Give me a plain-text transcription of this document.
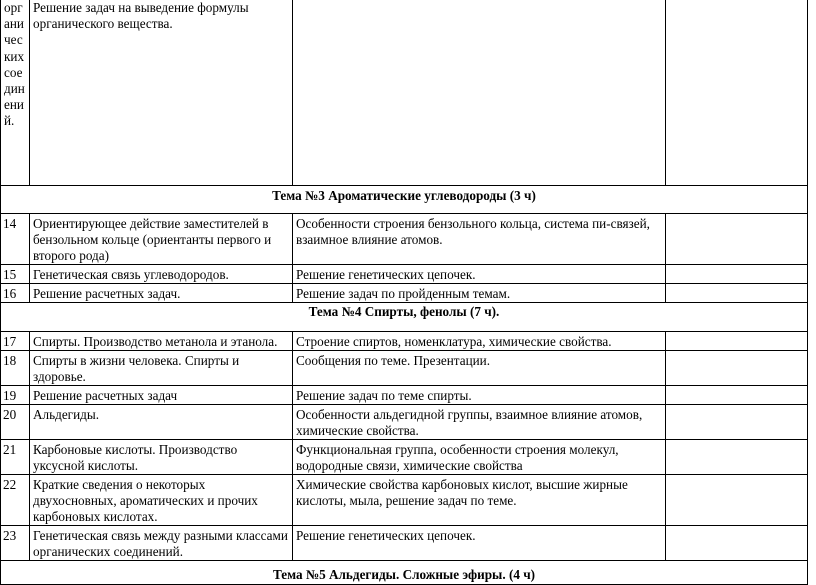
органических соединений.	Решение задач на выведение формулы органического вещества.		
Тема №3 Ароматические углеводороды (3 ч)			
14	Ориентирующее действие заместителей в бензольном кольце (ориентанты первого и второго рода)	Особенности строения бензольного кольца, система пи-связей, взаимное влияние атомов.	
15	Генетическая связь углеводородов.	Решение генетических цепочек.	
16	Решение расчетных задач.	Решение задач по пройденным темам.	
Тема №4 Спирты, фенолы (7 ч).			
17	Спирты. Производство метанола и этанола.	Строение спиртов, номенклатура, химические свойства.	
18	Спирты в жизни человека. Спирты и здоровье.	Сообщения по теме. Презентации.	
19	Решение расчетных задач	Решение задач по теме спирты.	
20	Альдегиды.	Особенности альдегидной группы, взаимное влияние атомов, химические свойства.	
21	Карбоновые кислоты. Производство уксусной кислоты.	Функциональная группа, особенности строения молекул, водородные связи, химические свойства	
22	Краткие сведения о некоторых двухосновных, ароматических и прочих карбоновых кислотах.	Химические свойства карбоновых кислот, высшие жирные кислоты, мыла, решение задач по теме.	
23	Генетическая связь между разными классами органических соединений.	Решение генетических цепочек.	
Тема №5 Альдегиды. Сложные эфиры. (4 ч)			
